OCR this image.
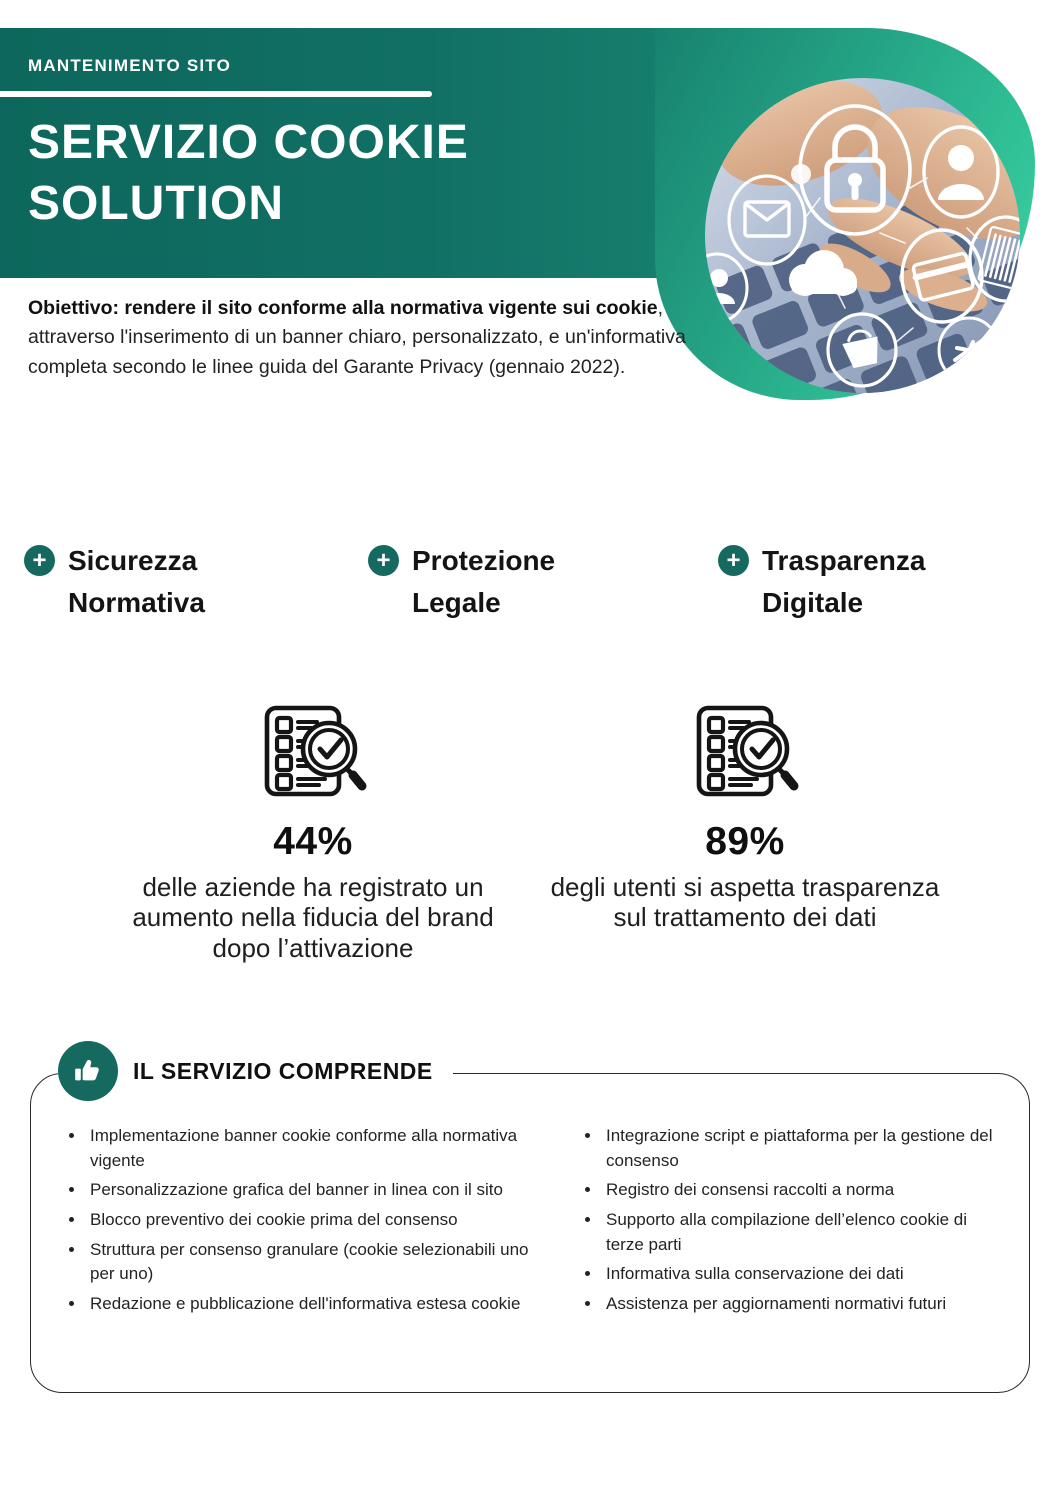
MANTENIMENTO SITO
SERVIZIO COOKIE SOLUTION

Obiettivo: rendere il sito conforme alla normativa vigente sui cookie, attraverso l'inserimento di un banner chiaro, personalizzato, e un'informativa completa secondo le linee guida del Garante Privacy (gennaio 2022).

+ Sicurezza Normativa
+ Protezione Legale
+ Trasparenza Digitale
44%
delle aziende ha registrato un aumento nella fiducia del brand dopo l’attivazione
89%
degli utenti si aspetta trasparenza sul trattamento dei dati
IL SERVIZIO COMPRENDE
• Implementazione banner cookie conforme alla normativa vigente
• Personalizzazione grafica del banner in linea con il sito
• Blocco preventivo dei cookie prima del consenso
• Struttura per consenso granulare (cookie selezionabili uno per uno)
• Redazione e pubblicazione dell'informativa estesa cookie
• Integrazione script e piattaforma per la gestione del consenso
• Registro dei consensi raccolti a norma
• Supporto alla compilazione dell’elenco cookie di terze parti
• Informativa sulla conservazione dei dati
• Assistenza per aggiornamenti normativi futuri
